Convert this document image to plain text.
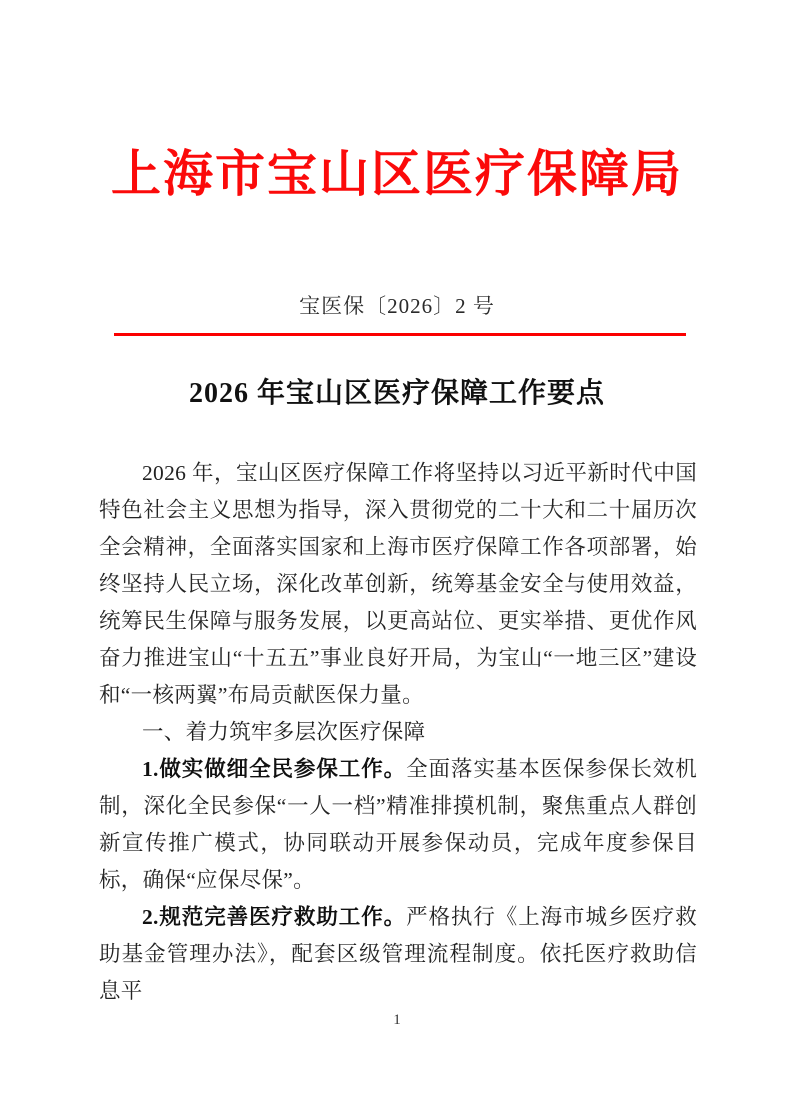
上海市宝山区医疗保障局
宝医保〔2026〕2 号
2026 年宝山区医疗保障工作要点

2026 年，宝山区医疗保障工作将坚持以习近平新时代中国特色社会主义思想为指导，深入贯彻党的二十大和二十届历次全会精神，全面落实国家和上海市医疗保障工作各项部署，始终坚持人民立场，深化改革创新，统筹基金安全与使用效益，统筹民生保障与服务发展，以更高站位、更实举措、更优作风奋力推进宝山“十五五”事业良好开局，为宝山“一地三区”建设和“一核两翼”布局贡献医保力量。

一、着力筑牢多层次医疗保障

1.做实做细全民参保工作。全面落实基本医保参保长效机制，深化全民参保“一人一档”精准排摸机制，聚焦重点人群创新宣传推广模式，协同联动开展参保动员，完成年度参保目标，确保“应保尽保”。

2.规范完善医疗救助工作。严格执行《上海市城乡医疗救助基金管理办法》，配套区级管理流程制度。依托医疗救助信息平

1
